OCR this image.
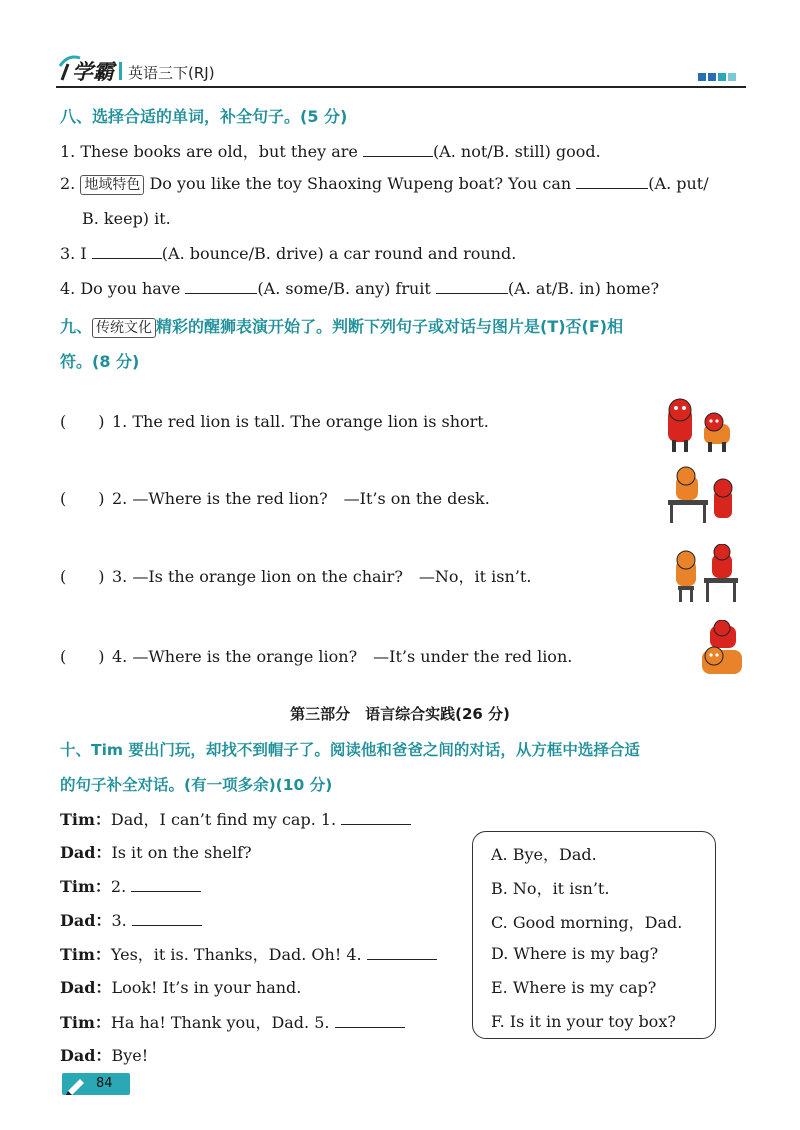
学霸 英语三下(RJ)
八、选择合适的单词，补全句子。(5 分)
1. These books are old，but they are	(A. not/B. still) good.
2. 地域特色 Do you like the toy Shaoxing Wupeng boat? You can	(A. put/
B. keep) it.
3. I	(A. bounce/B. drive) a car round and round.
4. Do you have	(A. some/B. any) fruit	(A. at/B. in) home?
九、 传统文化 精彩的醒狮表演开始了。判断下列句子或对话与图片是(T)否(F)相
符。(8 分)
(　　) 1. The red lion is tall. The orange lion is short.
(　　) 2. —Where is the red lion?　—It’s on the desk.
(　　) 3. —Is the orange lion on the chair?　—No，it isn’t.
(　　) 4. —Where is the orange lion?　—It’s under the red lion.
第三部分　语言综合实践(26 分)
十、Tim 要出门玩，却找不到帽子了。阅读他和爸爸之间的对话，从方框中选择合适
的句子补全对话。(有一项多余)(10 分)
Tim：Dad，I can’t find my cap. 1.
Dad：Is it on the shelf?
Tim：2.
Dad：3.
Tim：Yes，it is. Thanks，Dad. Oh! 4.
Dad：Look! It’s in your hand.
Tim：Ha ha! Thank you，Dad. 5.
Dad：Bye!
A. Bye，Dad.
B. No，it isn’t.
C. Good morning，Dad.
D. Where is my bag?
E. Where is my cap?
F. Is it in your toy box?
84
